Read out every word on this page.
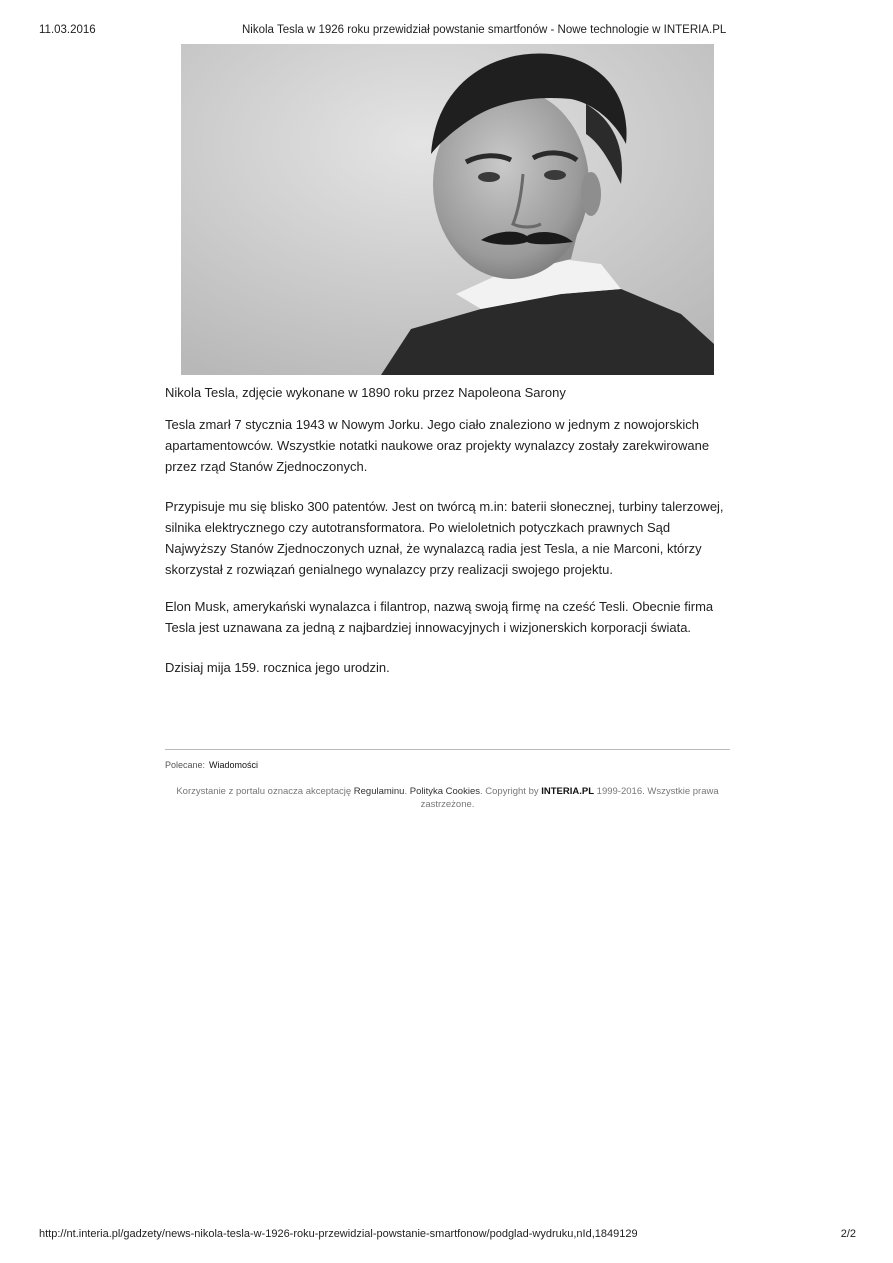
11.03.2016	Nikola Tesla w 1926 roku przewidział powstanie smartfonów - Nowe technologie w INTERIA.PL
Nikola Tesla, zdjęcie wykonane w 1890 roku przez Napoleona Sarony

Tesla zmarł 7 stycznia 1943 w Nowym Jorku. Jego ciało znaleziono w jednym z nowojorskich apartamentowców. Wszystkie notatki naukowe oraz projekty wynalazcy zostały zarekwirowane przez rząd Stanów Zjednoczonych.

Przypisuje mu się blisko 300 patentów. Jest on twórcą m.in: baterii słonecznej, turbiny talerzowej, silnika elektrycznego czy autotransformatora. Po wieloletnich potyczkach prawnych Sąd Najwyższy Stanów Zjednoczonych uznał, że wynalazcą radia jest Tesla, a nie Marconi, którzy skorzystał z rozwiązań genialnego wynalazcy przy realizacji swojego projektu.

Elon Musk, amerykański wynalazca i filantrop, nazwą swoją firmę na cześć Tesli. Obecnie firma Tesla jest uznawana za jedną z najbardziej innowacyjnych i wizjonerskich korporacji świata.

Dzisiaj mija 159. rocznica jego urodzin.

Polecane: Wiadomości
Korzystanie z portalu oznacza akceptację Regulaminu. Polityka Cookies. Copyright by INTERIA.PL 1999-2016. Wszystkie prawa zastrzeżone.
http://nt.interia.pl/gadzety/news-nikola-tesla-w-1926-roku-przewidzial-powstanie-smartfonow/podglad-wydruku,nId,1849129	2/2
